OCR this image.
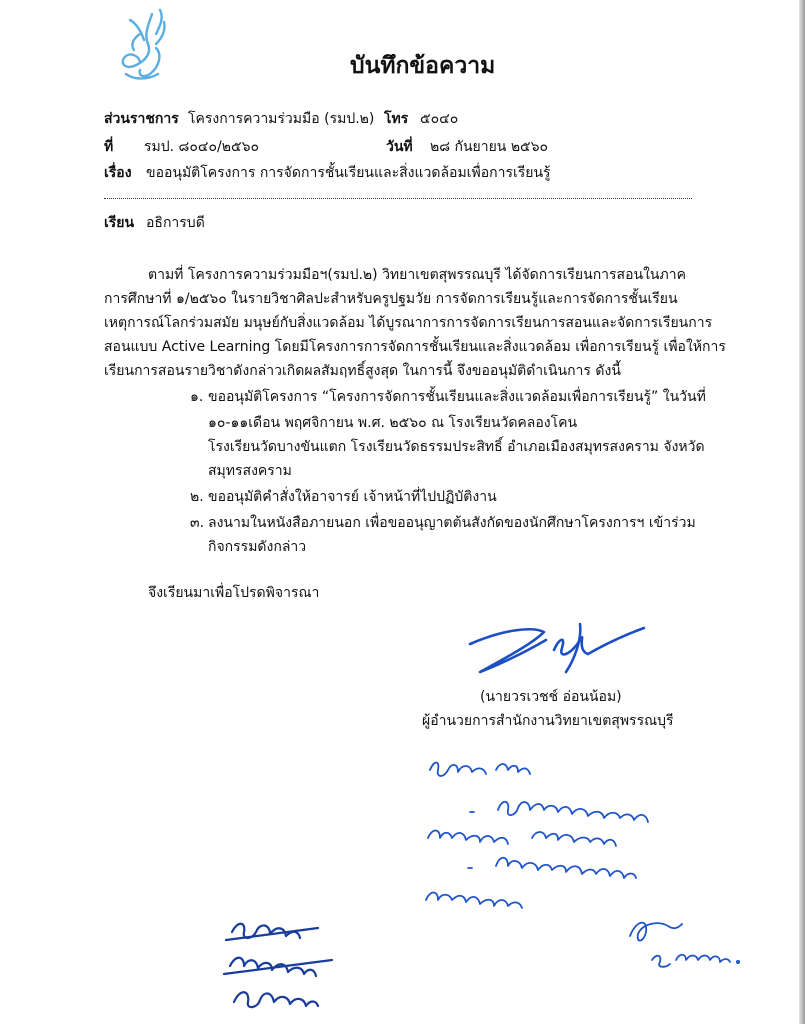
บันทึกข้อความ
ส่วนราชการ โครงการความร่วมมือ (รมป.๒) โทร ๕๐๔๐
ที่ รมป. ๘๐๔๐/๒๕๖๐	วันที่ ๒๘ กันยายน ๒๕๖๐
เรื่อง ขออนุมัติโครงการ การจัดการชั้นเรียนและสิ่งแวดล้อมเพื่อการเรียนรู้
เรียน อธิการบดี
ตามที่ โครงการความร่วมมือฯ(รมป.๒) วิทยาเขตสุพรรณบุรี ได้จัดการเรียนการสอนในภาค
การศึกษาที่ ๑/๒๕๖๐ ในรายวิชาศิลปะสำหรับครูปฐมวัย การจัดการเรียนรู้และการจัดการชั้นเรียน
เหตุการณ์โลกร่วมสมัย มนุษย์กับสิ่งแวดล้อม ได้บูรณาการการจัดการเรียนการสอนและจัดการเรียนการ
สอนแบบ Active Learning โดยมีโครงการการจัดการชั้นเรียนและสิ่งแวดล้อม เพื่อการเรียนรู้ เพื่อให้การ
เรียนการสอนรายวิชาดังกล่าวเกิดผลสัมฤทธิ์สูงสุด ในการนี้ จึงขออนุมัติดำเนินการ ดังนี้
๑. ขออนุมัติโครงการ “โครงการจัดการชั้นเรียนและสิ่งแวดล้อมเพื่อการเรียนรู้” ในวันที่
๑๐-๑๑เดือน พฤศจิกายน พ.ศ. ๒๕๖๐ ณ โรงเรียนวัดคลองโคน
โรงเรียนวัดบางขันแตก โรงเรียนวัดธรรมประสิทธิ์ อำเภอเมืองสมุทรสงคราม จังหวัด
สมุทรสงคราม
๒. ขออนุมัติคำสั่งให้อาจารย์ เจ้าหน้าที่ไปปฏิบัติงาน
๓. ลงนามในหนังสือภายนอก เพื่อขออนุญาตต้นสังกัดของนักศึกษาโครงการฯ เข้าร่วม
กิจกรรมดังกล่าว
จึงเรียนมาเพื่อโปรดพิจารณา
(นายวรเวชช์ อ่อนน้อม)
ผู้อำนวยการสำนักงานวิทยาเขตสุพรรณบุรี
